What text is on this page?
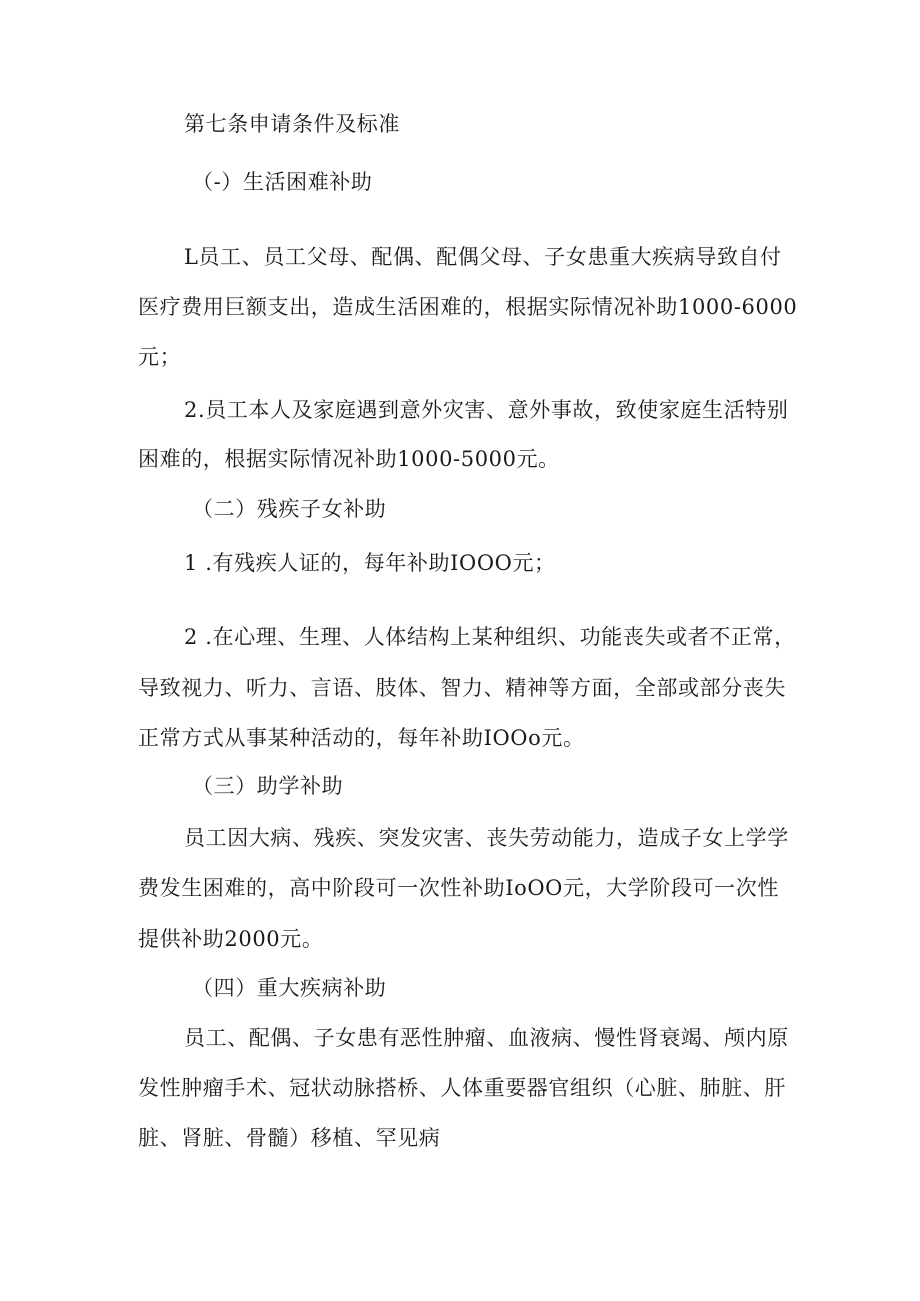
第七条申请条件及标准
（-）生活困难补助
L员工、员工父母、配偶、配偶父母、子女患重大疾病导致自付
医疗费用巨额支出，造成生活困难的，根据实际情况补助1000-6000
元；
2.员工本人及家庭遇到意外灾害、意外事故，致使家庭生活特别
困难的，根据实际情况补助1000-5000元。
（二）残疾子女补助
1 .有残疾人证的，每年补助IOOO元；
2 .在心理、生理、人体结构上某种组织、功能丧失或者不正常，
导致视力、听力、言语、肢体、智力、精神等方面，全部或部分丧失
正常方式从事某种活动的，每年补助IOOo元。
（三）助学补助
员工因大病、残疾、突发灾害、丧失劳动能力，造成子女上学学
费发生困难的，高中阶段可一次性补助IoOO元，大学阶段可一次性
提供补助2000元。
（四）重大疾病补助
员工、配偶、子女患有恶性肿瘤、血液病、慢性肾衰竭、颅内原
发性肿瘤手术、冠状动脉搭桥、人体重要器官组织（心脏、肺脏、肝
脏、肾脏、骨髓）移植、罕见病
